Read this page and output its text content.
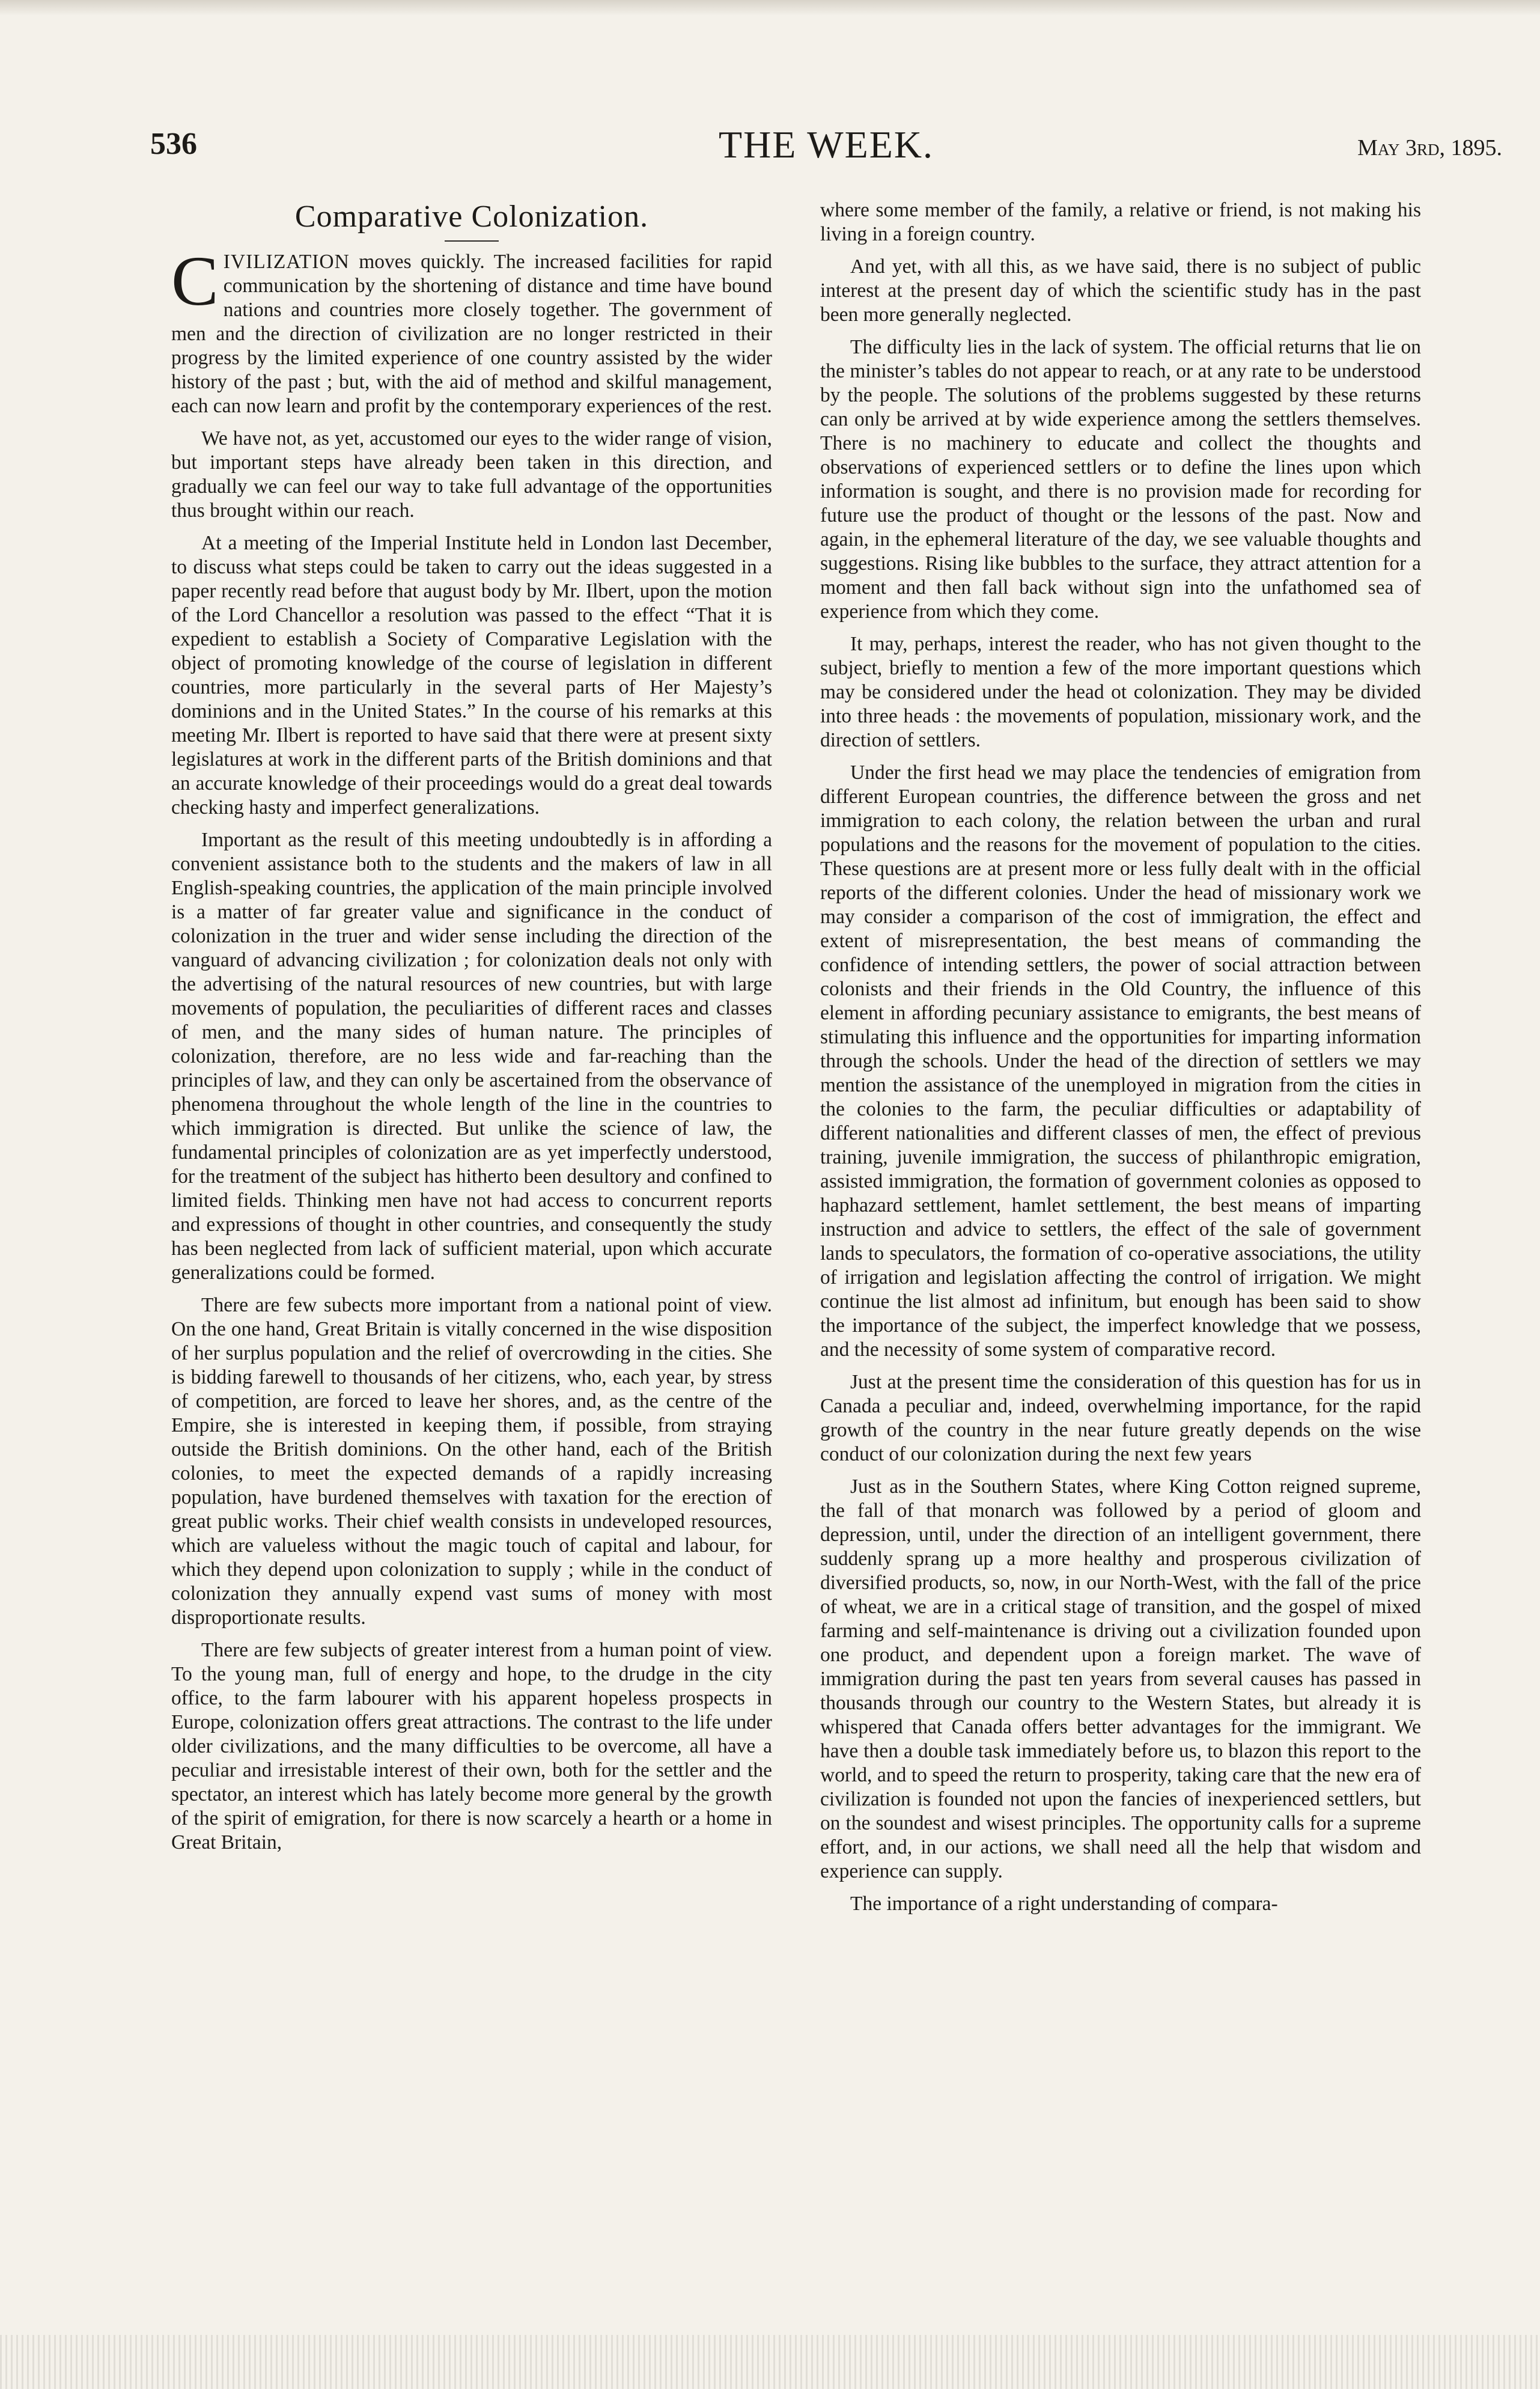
536	THE WEEK.	May 3rd, 1895.
Comparative Colonization.

CIVILIZATION moves quickly. The increased facilities for rapid communication by the shortening of distance and time have bound nations and countries more closely together. The government of men and the direction of civilization are no longer restricted in their progress by the limited experience of one country assisted by the wider history of the past ; but, with the aid of method and skilful management, each can now learn and profit by the contemporary experiences of the rest.

We have not, as yet, accustomed our eyes to the wider range of vision, but important steps have already been taken in this direction, and gradually we can feel our way to take full advantage of the opportunities thus brought within our reach.

At a meeting of the Imperial Institute held in London last December, to discuss what steps could be taken to carry out the ideas suggested in a paper recently read before that august body by Mr. Ilbert, upon the motion of the Lord Chancellor a resolution was passed to the effect “That it is expedient to establish a Society of Comparative Legislation with the object of promoting knowledge of the course of legislation in different countries, more particularly in the several parts of Her Majesty’s dominions and in the United States.” In the course of his remarks at this meeting Mr. Ilbert is reported to have said that there were at present sixty legislatures at work in the different parts of the British dominions and that an accurate knowledge of their proceedings would do a great deal towards checking hasty and imperfect generalizations.

Important as the result of this meeting undoubtedly is in affording a convenient assistance both to the students and the makers of law in all English-speaking countries, the application of the main principle involved is a matter of far greater value and significance in the conduct of colonization in the truer and wider sense including the direction of the vanguard of advancing civilization ; for colonization deals not only with the advertising of the natural resources of new countries, but with large movements of population, the peculiarities of different races and classes of men, and the many sides of human nature. The principles of colonization, therefore, are no less wide and far-reaching than the principles of law, and they can only be ascertained from the observance of phenomena throughout the whole length of the line in the countries to which immigration is directed. But unlike the science of law, the fundamental principles of colonization are as yet imperfectly understood, for the treatment of the subject has hitherto been desultory and confined to limited fields. Thinking men have not had access to concurrent reports and expressions of thought in other countries, and consequently the study has been neglected from lack of sufficient material, upon which accurate generalizations could be formed.

There are few subects more important from a national point of view. On the one hand, Great Britain is vitally concerned in the wise disposition of her surplus population and the relief of overcrowding in the cities. She is bidding farewell to thousands of her citizens, who, each year, by stress of competition, are forced to leave her shores, and, as the centre of the Empire, she is interested in keeping them, if possible, from straying outside the British dominions. On the other hand, each of the British colonies, to meet the expected demands of a rapidly increasing population, have burdened themselves with taxation for the erection of great public works. Their chief wealth consists in undeveloped resources, which are valueless without the magic touch of capital and labour, for which they depend upon colonization to supply ; while in the conduct of colonization they annually expend vast sums of money with most disproportionate results.

There are few subjects of greater interest from a human point of view. To the young man, full of energy and hope, to the drudge in the city office, to the farm labourer with his apparent hopeless prospects in Europe, colonization offers great attractions. The contrast to the life under older civilizations, and the many difficulties to be overcome, all have a peculiar and irresistable interest of their own, both for the settler and the spectator, an interest which has lately become more general by the growth of the spirit of emigration, for there is now scarcely a hearth or a home in Great Britain,

where some member of the family, a relative or friend, is not making his living in a foreign country.

And yet, with all this, as we have said, there is no subject of public interest at the present day of which the scientific study has in the past been more generally neglected.

The difficulty lies in the lack of system. The official returns that lie on the minister’s tables do not appear to reach, or at any rate to be understood by the people. The solutions of the problems suggested by these returns can only be arrived at by wide experience among the settlers themselves. There is no machinery to educate and collect the thoughts and observations of experienced settlers or to define the lines upon which information is sought, and there is no provision made for recording for future use the product of thought or the lessons of the past. Now and again, in the ephemeral literature of the day, we see valuable thoughts and suggestions. Rising like bubbles to the surface, they attract attention for a moment and then fall back without sign into the unfathomed sea of experience from which they come.

It may, perhaps, interest the reader, who has not given thought to the subject, briefly to mention a few of the more important questions which may be considered under the head ot colonization. They may be divided into three heads : the movements of population, missionary work, and the direction of settlers.

Under the first head we may place the tendencies of emigration from different European countries, the difference between the gross and net immigration to each colony, the relation between the urban and rural populations and the reasons for the movement of population to the cities. These questions are at present more or less fully dealt with in the official reports of the different colonies. Under the head of missionary work we may consider a comparison of the cost of immigration, the effect and extent of misrepresentation, the best means of commanding the confidence of intending settlers, the power of social attraction between colonists and their friends in the Old Country, the influence of this element in affording pecuniary assistance to emigrants, the best means of stimulating this influence and the opportunities for imparting information through the schools. Under the head of the direction of settlers we may mention the assistance of the unemployed in migration from the cities in the colonies to the farm, the peculiar difficulties or adaptability of different nationalities and different classes of men, the effect of previous training, juvenile immigration, the success of philanthropic emigration, assisted immigration, the formation of government colonies as opposed to haphazard settlement, hamlet settlement, the best means of imparting instruction and advice to settlers, the effect of the sale of government lands to speculators, the formation of co-operative associations, the utility of irrigation and legislation affecting the control of irrigation. We might continue the list almost ad infinitum, but enough has been said to show the importance of the subject, the imperfect knowledge that we possess, and the necessity of some system of comparative record.

Just at the present time the consideration of this question has for us in Canada a peculiar and, indeed, overwhelming importance, for the rapid growth of the country in the near future greatly depends on the wise conduct of our colonization during the next few years

Just as in the Southern States, where King Cotton reigned supreme, the fall of that monarch was followed by a period of gloom and depression, until, under the direction of an intelligent government, there suddenly sprang up a more healthy and prosperous civilization of diversified products, so, now, in our North-West, with the fall of the price of wheat, we are in a critical stage of transition, and the gospel of mixed farming and self-maintenance is driving out a civilization founded upon one product, and dependent upon a foreign market. The wave of immigration during the past ten years from several causes has passed in thousands through our country to the Western States, but already it is whispered that Canada offers better advantages for the immigrant. We have then a double task immediately before us, to blazon this report to the world, and to speed the return to prosperity, taking care that the new era of civilization is founded not upon the fancies of inexperienced settlers, but on the soundest and wisest principles. The opportunity calls for a supreme effort, and, in our actions, we shall need all the help that wisdom and experience can supply.

The importance of a right understanding of compara-
